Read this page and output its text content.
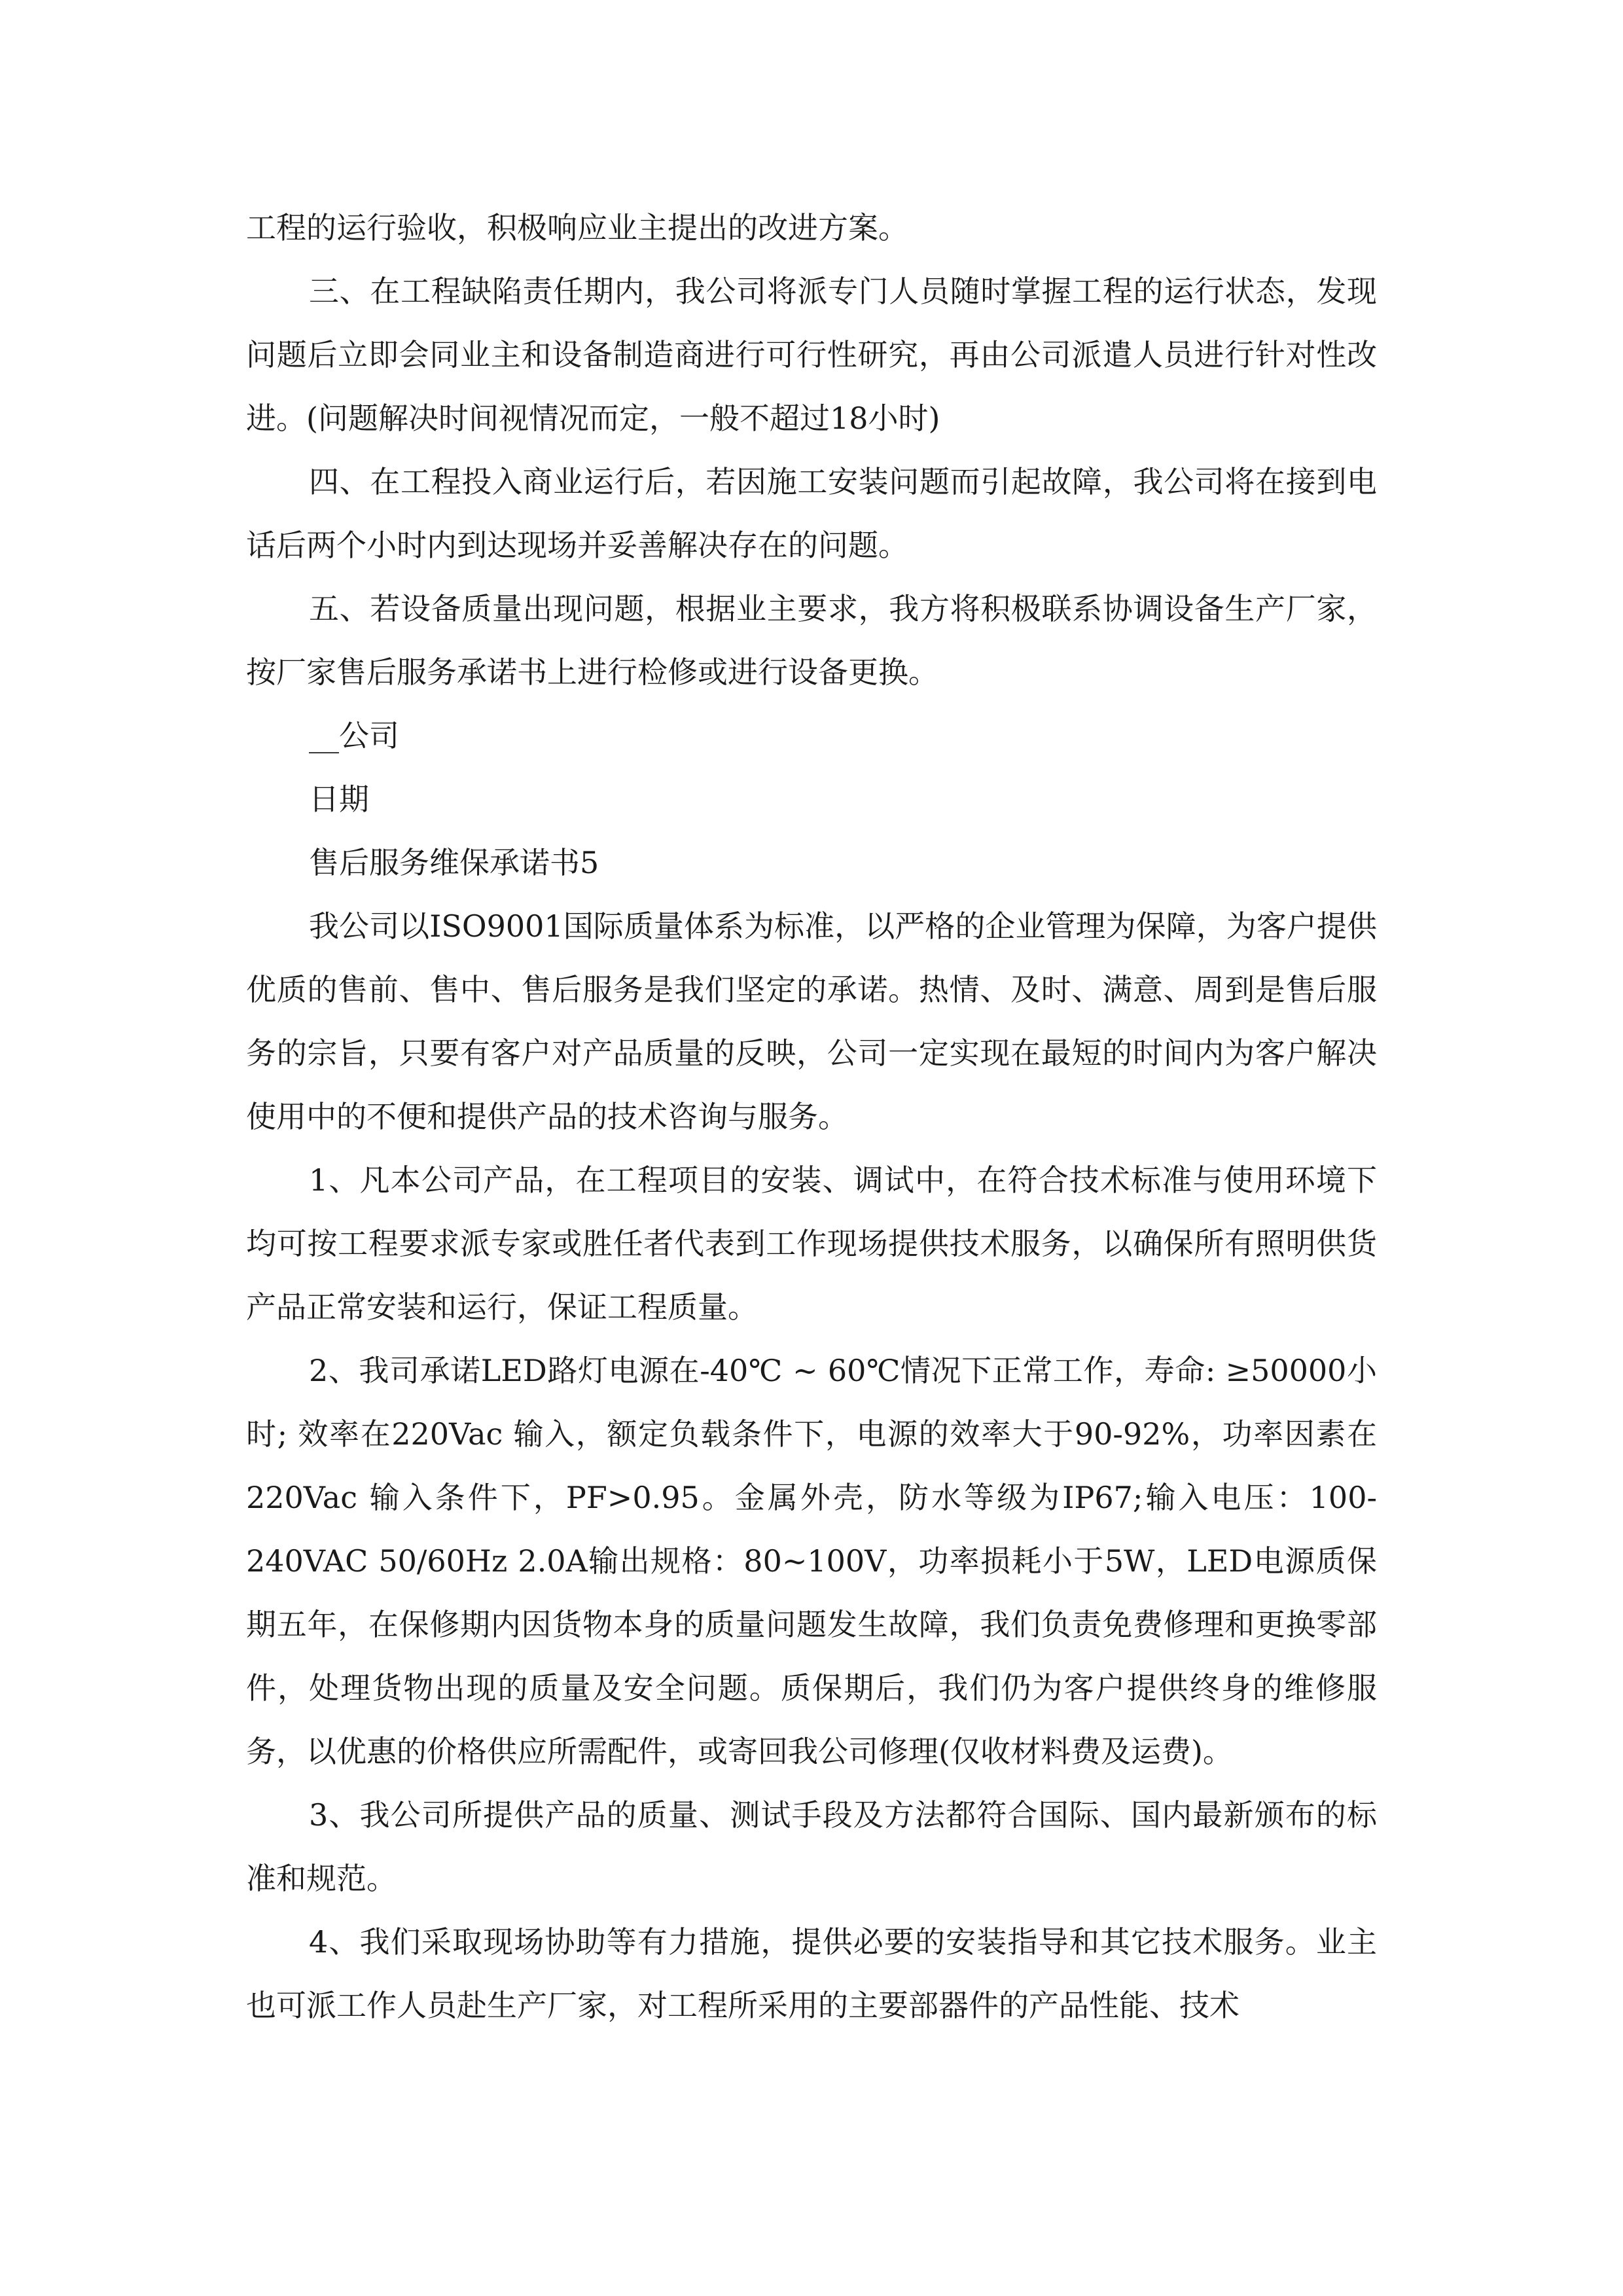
工程的运行验收，积极响应业主提出的改进方案。

三、在工程缺陷责任期内，我公司将派专门人员随时掌握工程的运行状态，发现问题后立即会同业主和设备制造商进行可行性研究，再由公司派遣人员进行针对性改进。(问题解决时间视情况而定，一般不超过18小时)

四、在工程投入商业运行后，若因施工安装问题而引起故障，我公司将在接到电话后两个小时内到达现场并妥善解决存在的问题。

五、若设备质量出现问题，根据业主要求，我方将积极联系协调设备生产厂家，按厂家售后服务承诺书上进行检修或进行设备更换。

__公司

日期

售后服务维保承诺书5

我公司以ISO9001国际质量体系为标准，以严格的企业管理为保障，为客户提供优质的售前、售中、售后服务是我们坚定的承诺。热情、及时、满意、周到是售后服务的宗旨，只要有客户对产品质量的反映，公司一定实现在最短的时间内为客户解决使用中的不便和提供产品的技术咨询与服务。

1、凡本公司产品，在工程项目的安装、调试中，在符合技术标准与使用环境下均可按工程要求派专家或胜任者代表到工作现场提供技术服务，以确保所有照明供货产品正常安装和运行，保证工程质量。

2、我司承诺LED路灯电源在-40℃ ~ 60℃情况下正常工作，寿命: ≥50000小时; 效率在220Vac 输入，额定负载条件下，电源的效率大于90-92%，功率因素在220Vac 输入条件下，PF>0.95。金属外壳，防水等级为IP67;输入电压：100-240VAC 50/60Hz 2.0A输出规格：80~100V，功率损耗小于5W，LED电源质保期五年，在保修期内因货物本身的质量问题发生故障，我们负责免费修理和更换零部件，处理货物出现的质量及安全问题。质保期后，我们仍为客户提供终身的维修服务，以优惠的价格供应所需配件，或寄回我公司修理(仅收材料费及运费)。

3、我公司所提供产品的质量、测试手段及方法都符合国际、国内最新颁布的标准和规范。

4、我们采取现场协助等有力措施，提供必要的安装指导和其它技术服务。业主也可派工作人员赴生产厂家，对工程所采用的主要部器件的产品性能、技术
